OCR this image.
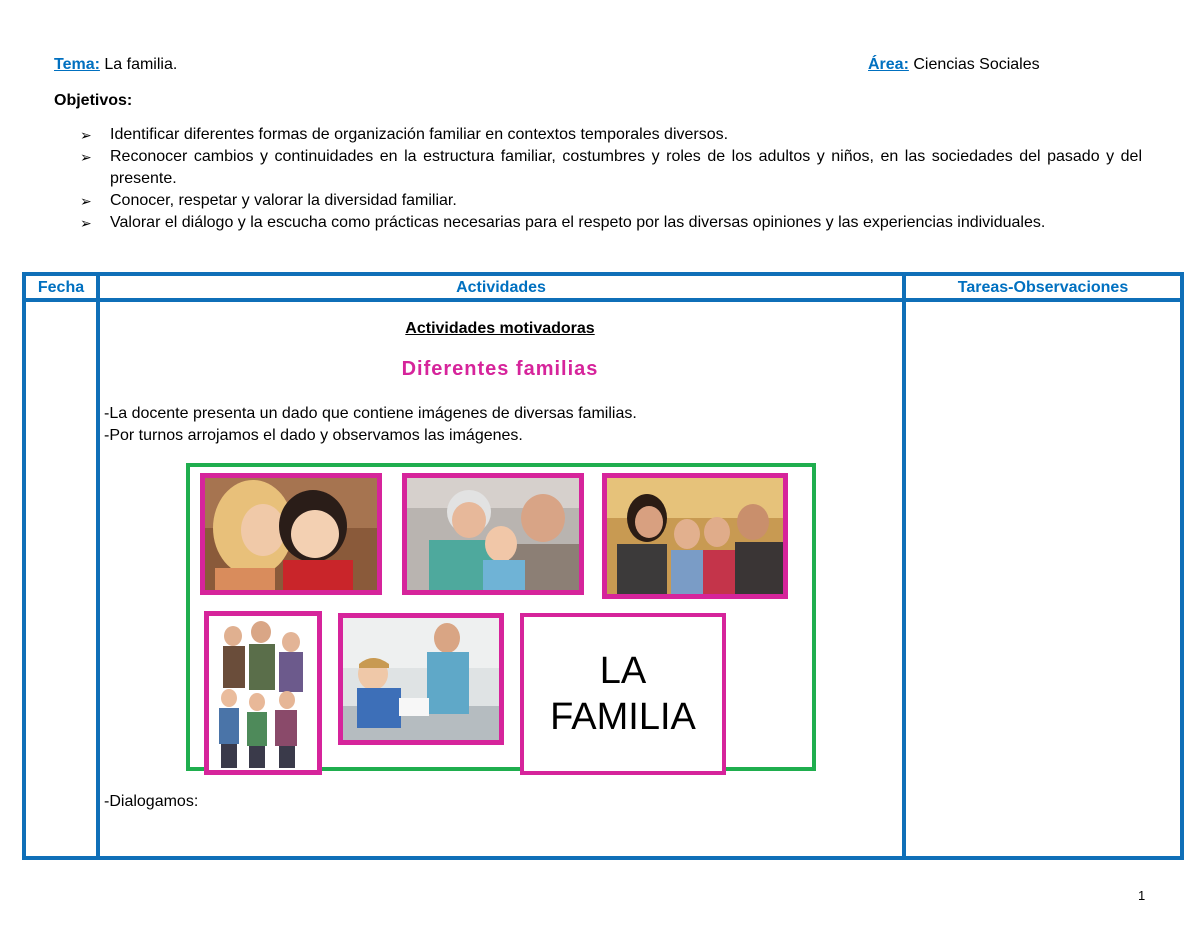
Tema: La familia.	Área: Ciencias Sociales
Objetivos:

➢ Identificar diferentes formas de organización familiar en contextos temporales diversos.

➢ Reconocer cambios y continuidades en la estructura familiar, costumbres y roles de los adultos y niños, en las sociedades del pasado y del presente.

➢ Conocer, respetar y valorar la diversidad familiar.

➢ Valorar el diálogo y la escucha como prácticas necesarias para el respeto por las diversas opiniones y las experiencias individuales.

Fecha	Actividades	Tareas-Observaciones
Actividades motivadoras
Diferentes familias
-La docente presenta un dado que contiene imágenes de diversas familias.
-Por turnos arrojamos el dado y observamos las imágenes.
LA
FAMILIA
-Dialogamos:
1
